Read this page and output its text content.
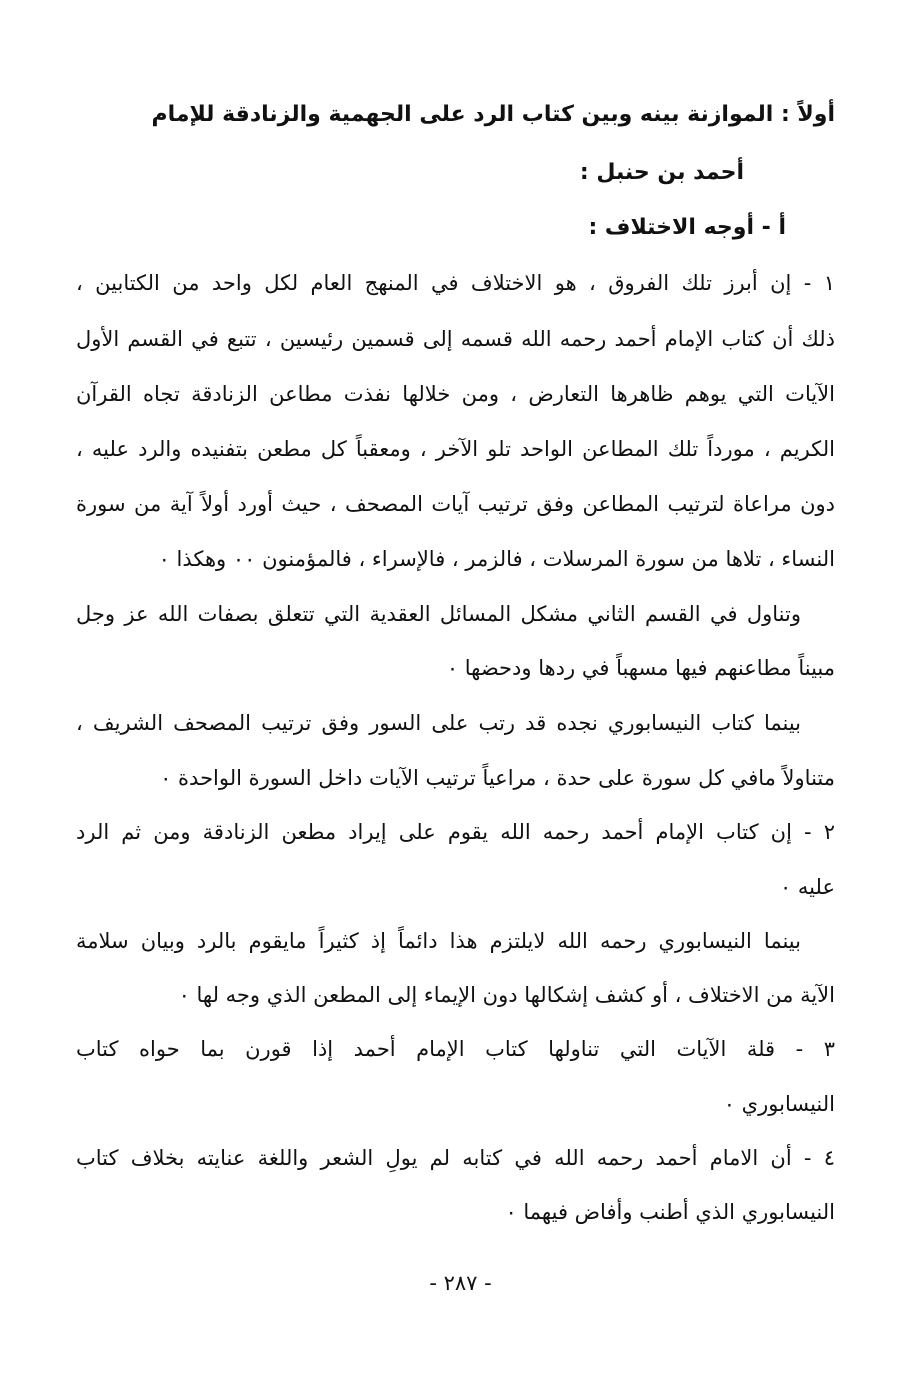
أولاً : الموازنة بينه وبين كتاب الرد على الجهمية والزنادقة للإمام
أحمد بن حنبل :
أ - أوجه الاختلاف :
١ - إن أبرز تلك الفروق ، هو الاختلاف في المنهج العام لكل واحد من الكتابين ،
ذلك أن كتاب الإمام أحمد رحمه الله قسمه إلى قسمين رئيسين ، تتبع في القسم الأول
الآيات التي يوهم ظاهرها التعارض ، ومن خلالها نفذت مطاعن الزنادقة تجاه القرآن
الكريم ، مورداً تلك المطاعن الواحد تلو الآخر ، ومعقباً كل مطعن بتفنيده والرد عليه ،
دون مراعاة لترتيب المطاعن وفق ترتيب آيات المصحف ، حيث أورد أولاً آية من سورة
النساء ، تلاها من سورة المرسلات ، فالزمر ، فالإسراء ، فالمؤمنون ٠٠ وهكذا ٠
وتناول في القسم الثاني مشكل المسائل العقدية التي تتعلق بصفات الله عز وجل
مبيناً مطاعنهم فيها مسهباً في ردها ودحضها ٠
بينما كتاب النيسابوري نجده قد رتب على السور وفق ترتيب المصحف الشريف ،
متناولاً مافي كل سورة على حدة ، مراعياً ترتيب الآيات داخل السورة الواحدة ٠
٢ - إن كتاب الإمام أحمد رحمه الله يقوم على إيراد مطعن الزنادقة ومن ثم الرد
عليه ٠
بينما النيسابوري رحمه الله لايلتزم هذا دائماً إذ كثيراً مايقوم بالرد وبيان سلامة
الآية من الاختلاف ، أو كشف إشكالها دون الإيماء إلى المطعن الذي وجه لها ٠
٣ - قلة الآيات التي تناولها كتاب الإمام أحمد إذا قورن بما حواه كتاب
النيسابوري ٠
٤ - أن الامام أحمد رحمه الله في كتابه لم يولِ الشعر واللغة عنايته بخلاف كتاب
النيسابوري الذي أطنب وأفاض فيهما ٠
- ٢٨٧ -
